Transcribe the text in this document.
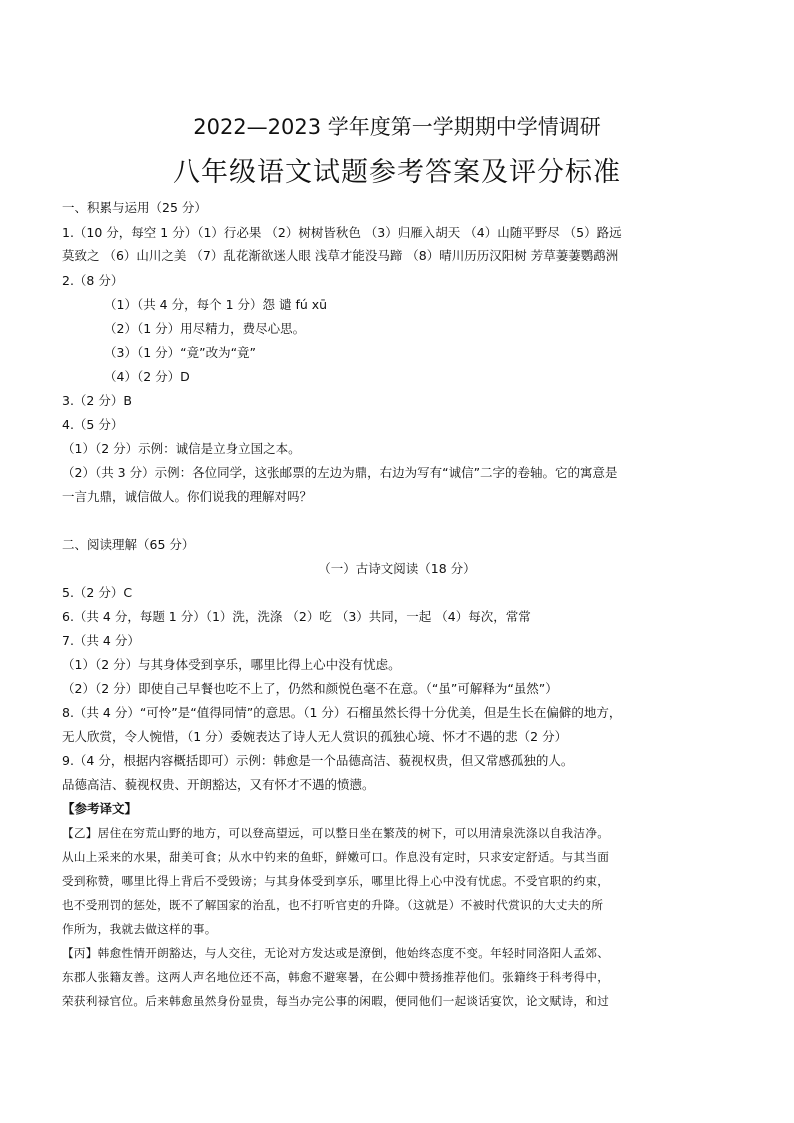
2022—2023 学年度第一学期期中学情调研
八年级语文试题参考答案及评分标准
一、积累与运用（25 分）
1.（10 分，每空 1 分）（1）行必果 （2）树树皆秋色 （3）归雁入胡天 （4）山随平野尽 （5）路远
莫致之 （6）山川之美 （7）乱花渐欲迷人眼 浅草才能没马蹄 （8）晴川历历汉阳树 芳草萋萋鹦鹉洲
2.（8 分）
（1）（共 4 分，每个 1 分）怨 谴 fú xū
（2）（1 分）用尽精力，费尽心思。
（3）（1 分）“竟”改为“竟”
（4）（2 分）D
3.（2 分）B
4.（5 分）
（1）（2 分）示例：诚信是立身立国之本。
（2）（共 3 分）示例：各位同学，这张邮票的左边为鼎，右边为写有“诚信”二字的卷轴。它的寓意是
一言九鼎，诚信做人。你们说我的理解对吗？
二、阅读理解（65 分）
（一）古诗文阅读（18 分）
5.（2 分）C
6.（共 4 分，每题 1 分）（1）洗，洗涤 （2）吃 （3）共同，一起 （4）每次，常常
7.（共 4 分）
（1）（2 分）与其身体受到享乐，哪里比得上心中没有忧虑。
（2）（2 分）即使自己早餐也吃不上了，仍然和颜悦色毫不在意。（“虽”可解释为“虽然”）
8.（共 4 分）“可怜”是“值得同情”的意思。（1 分）石榴虽然长得十分优美，但是生长在偏僻的地方，
无人欣赏，令人惋惜，（1 分）委婉表达了诗人无人赏识的孤独心境、怀才不遇的悲（2 分）
9.（4 分，根据内容概括即可）示例：韩愈是一个品德高洁、藐视权贵，但又常感孤独的人。
品德高洁、藐视权贵、开朗豁达，又有怀才不遇的愤懑。
【参考译文】
【乙】居住在穷荒山野的地方，可以登高望远，可以整日坐在繁茂的树下，可以用清泉洗涤以自我洁净。
从山上采来的水果，甜美可食；从水中钓来的鱼虾，鲜嫩可口。作息没有定时，只求安定舒适。与其当面
受到称赞，哪里比得上背后不受毁谤；与其身体受到享乐，哪里比得上心中没有忧虑。不受官职的约束，
也不受刑罚的惩处，既不了解国家的治乱，也不打听官吏的升降。（这就是）不被时代赏识的大丈夫的所
作所为，我就去做这样的事。
【丙】韩愈性情开朗豁达，与人交往，无论对方发达或是潦倒，他始终态度不变。年轻时同洛阳人孟郊、
东郡人张籍友善。这两人声名地位还不高，韩愈不避寒暑，在公卿中赞扬推荐他们。张籍终于科考得中，
荣获利禄官位。后来韩愈虽然身份显贵，每当办完公事的闲暇，便同他们一起谈话宴饮，论文赋诗，和过
